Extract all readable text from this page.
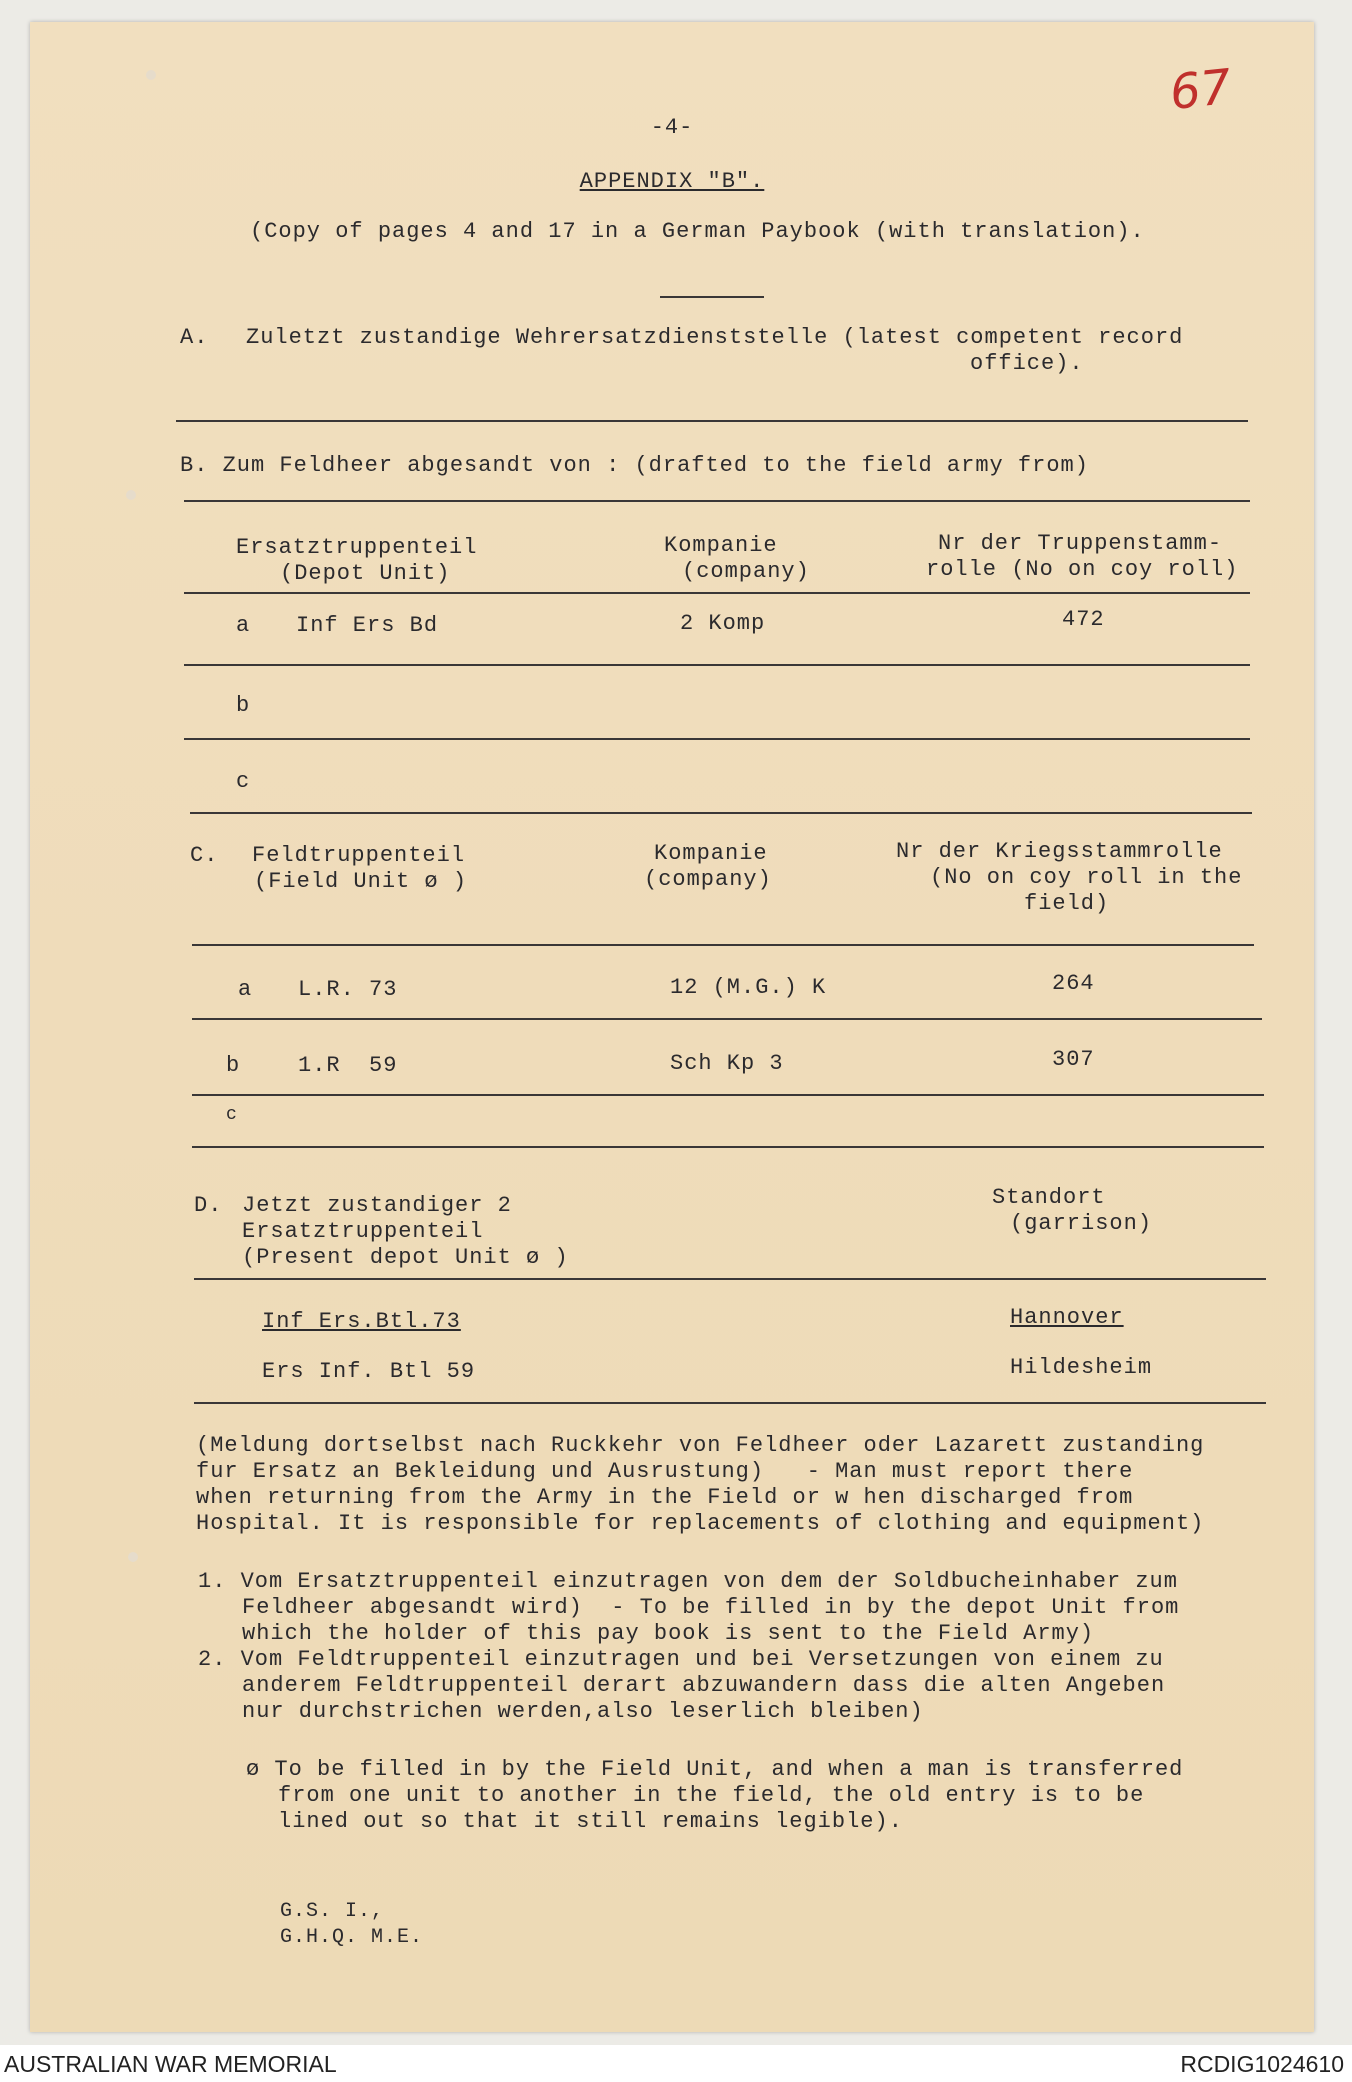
67
-4-
APPENDIX "B".
(Copy of pages 4 and 17 in a German Paybook (with translation).
A. Zuletzt zustandige Wehrersatzdienststelle (latest competent record
office).
B. Zum Feldheer abgesandt von : (drafted to the field army from)
Ersatztruppenteil
(Depot Unit)
Kompanie
(company)
Nr der Truppenstamm-
rolle (No on coy roll)
a Inf Ers Bd	2 Komp	472
b
c
C. Feldtruppenteil
(Field Unit ø )
Kompanie
(company)
Nr der Kriegsstammrolle
(No on coy roll in the
field)
a L.R. 73	12 (M.G.) K	264
b	1.R  59	Sch Kp 3	307
c
D. Jetzt zustandiger 2
Ersatztruppenteil
(Present depot Unit ø )
Standort
(garrison)
Inf Ers.Btl.73	Hannover
Ers Inf. Btl 59	Hildesheim
(Meldung dortselbst nach Ruckkehr von Feldheer oder Lazarett zustanding
fur Ersatz an Bekleidung und Ausrustung)   - Man must report there
when returning from the Army in the Field or w hen discharged from
Hospital. It is responsible for replacements of clothing and equipment)
1. Vom Ersatztruppenteil einzutragen von dem der Soldbucheinhaber zum
Feldheer abgesandt wird)  - To be filled in by the depot Unit from
which the holder of this pay book is sent to the Field Army)
2. Vom Feldtruppenteil einzutragen und bei Versetzungen von einem zu
anderem Feldtruppenteil derart abzuwandern dass die alten Angeben
nur durchstrichen werden,also leserlich bleiben)
ø To be filled in by the Field Unit, and when a man is transferred
from one unit to another in the field, the old entry is to be
lined out so that it still remains legible).
G.S. I.,
G.H.Q. M.E.
AUSTRALIAN WAR MEMORIAL	RCDIG1024610
